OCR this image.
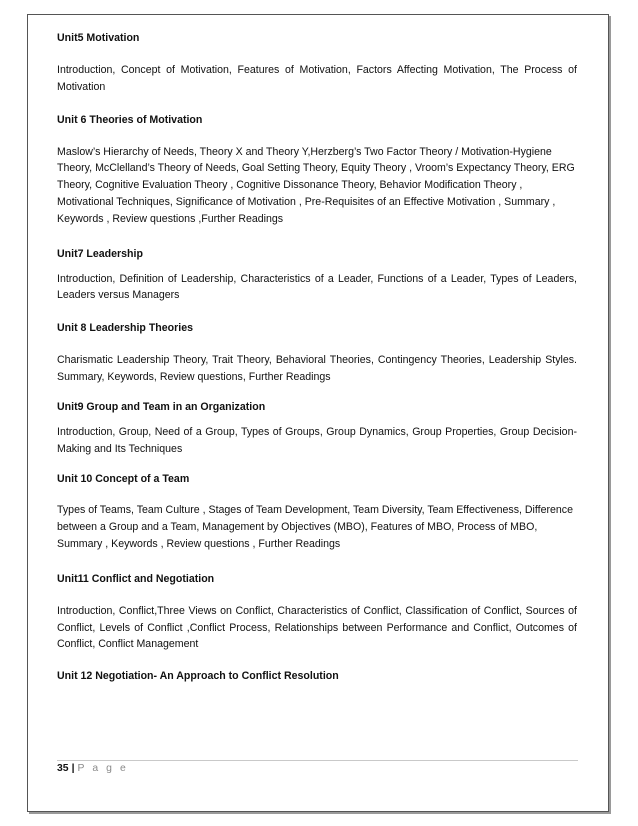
Unit5 Motivation

Introduction, Concept of Motivation, Features of Motivation, Factors Affecting Motivation, The Process of Motivation

Unit 6 Theories of Motivation

Maslow’s Hierarchy of Needs, Theory X and Theory Y,Herzberg’s Two Factor Theory / Motivation-Hygiene Theory, McClelland’s Theory of Needs, Goal Setting Theory, Equity Theory , Vroom’s Expectancy Theory, ERG Theory, Cognitive Evaluation Theory , Cognitive Dissonance Theory, Behavior Modification Theory , Motivational Techniques, Significance of Motivation , Pre-Requisites of an Effective Motivation , Summary , Keywords , Review questions ,Further Readings

Unit7 Leadership

Introduction, Definition of Leadership, Characteristics of a Leader, Functions of a Leader, Types of Leaders, Leaders versus Managers

Unit 8 Leadership Theories

Charismatic Leadership Theory, Trait Theory, Behavioral Theories, Contingency Theories, Leadership Styles. Summary, Keywords, Review questions, Further Readings

Unit9 Group and Team in an Organization

Introduction, Group, Need of a Group, Types of Groups, Group Dynamics, Group Properties, Group Decision-Making and Its Techniques

Unit 10 Concept of a Team

Types of Teams, Team Culture , Stages of Team Development, Team Diversity, Team Effectiveness, Difference between a Group and a Team, Management by Objectives (MBO), Features of MBO, Process of MBO, Summary , Keywords , Review questions , Further Readings

Unit11 Conflict and Negotiation

Introduction, Conflict,Three Views on Conflict, Characteristics of Conflict, Classification of Conflict, Sources of Conflict, Levels of Conflict ,Conflict Process, Relationships between Performance and Conflict, Outcomes of Conflict, Conflict Management

Unit 12 Negotiation- An Approach to Conflict Resolution

35 | P a g e
